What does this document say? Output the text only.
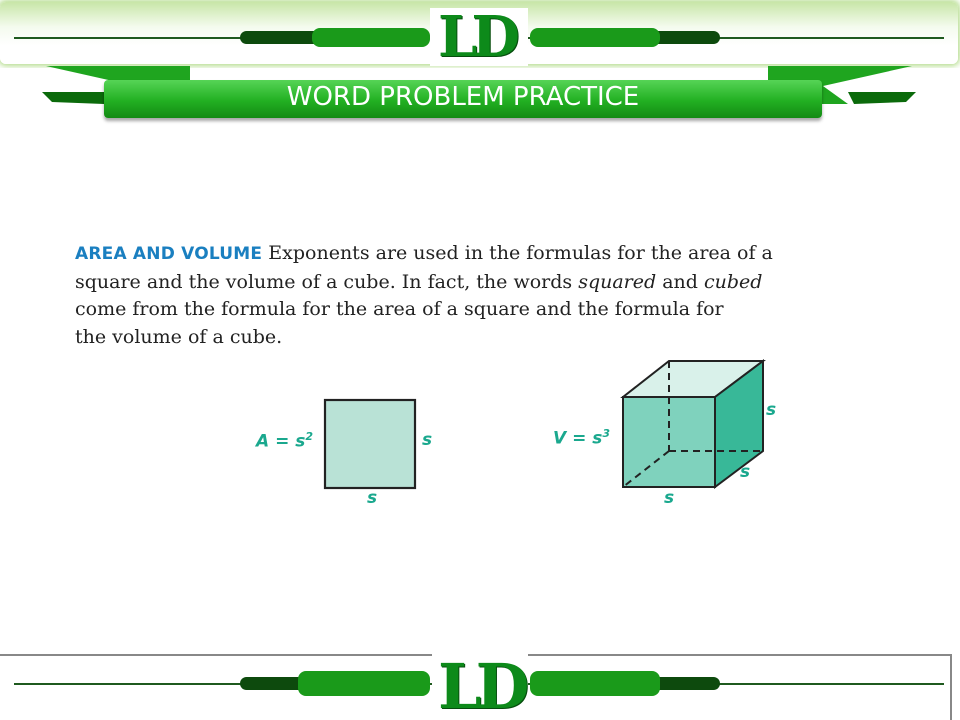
LD
WORD PROBLEM PRACTICE
AREA AND VOLUME Exponents are used in the formulas for the area of a
square and the volume of a cube. In fact, the words squared and cubed
come from the formula for the area of a square and the formula for
the volume of a cube.
$A = s^2$	s
s
$V = s^3$
s
s
s
LD
